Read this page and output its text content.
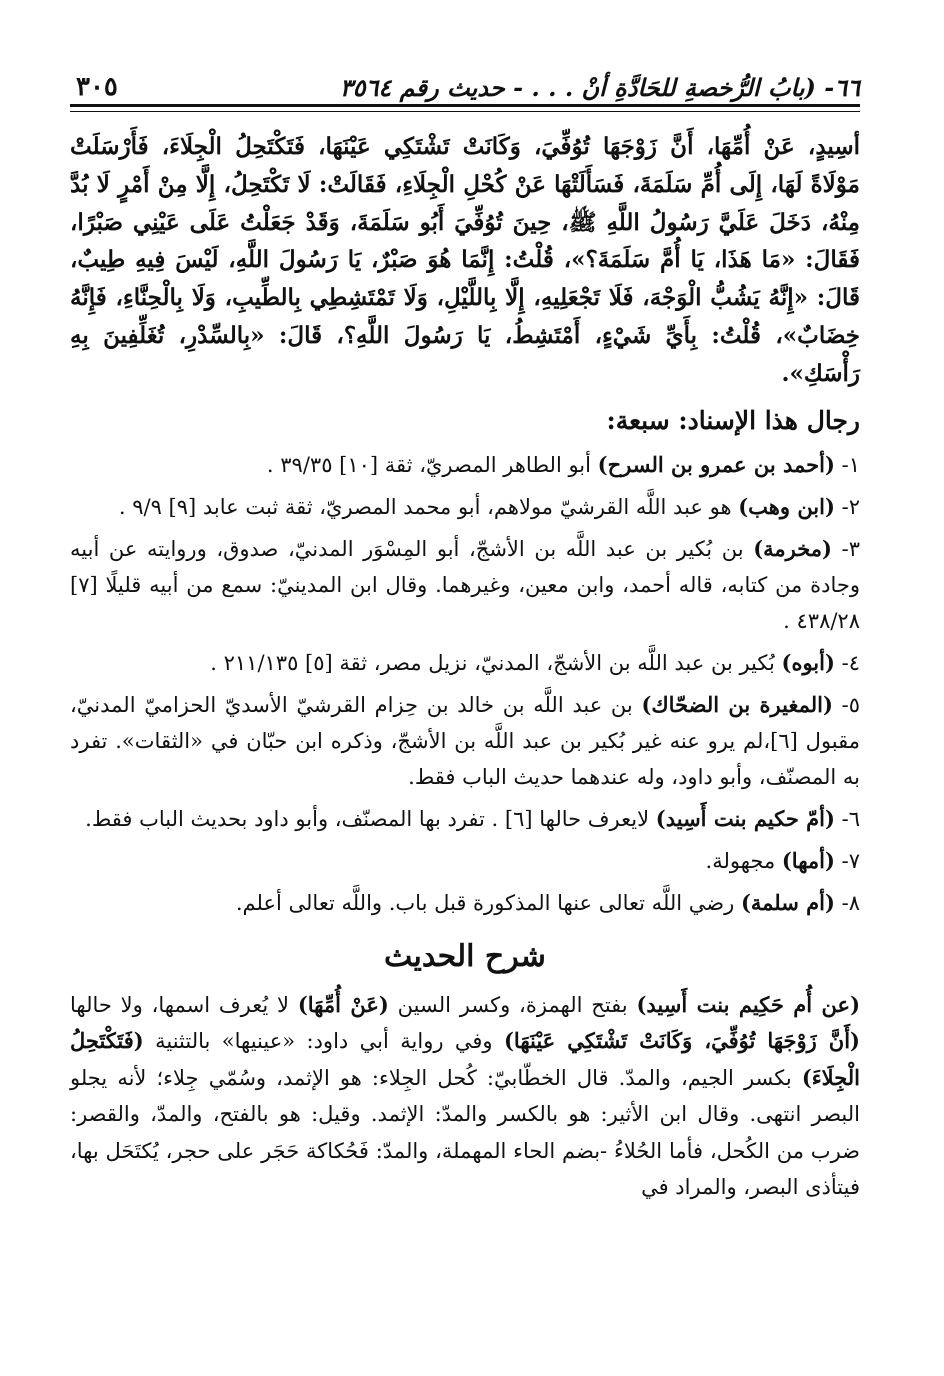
٦٦- (بابُ الرُّخصةِ للحَادَّةِ أنْ . . . - حديث رقم ٣٥٦٤
٣٠٥
أسِيدٍ، عَنْ أُمِّهَا، أَنَّ زَوْجَهَا تُوُفِّيَ، وَكَانَتْ تَشْتَكِي عَيْنَهَا، فَتَكْتَحِلُ الْجِلَاءَ، فَأَرْسَلَتْ مَوْلَاةً لَهَا، إِلَى أُمِّ سَلَمَةَ، فَسَأَلَتْهَا عَنْ كُحْلِ الْجِلَاءِ، فَقَالَتْ: لَا تَكْتَحِلُ، إِلَّا مِنْ أَمْرٍ لَا بُدَّ مِنْهُ، دَخَلَ عَلَيَّ رَسُولُ اللَّهِ ﷺ، حِينَ تُوُفِّيَ أَبُو سَلَمَةَ، وَقَدْ جَعَلْتُ عَلَى عَيْنِي صَبْرًا، فَقَالَ: «مَا هَذَا، يَا أُمَّ سَلَمَةَ؟»، قُلْتُ: إِنَّمَا هُوَ صَبْرٌ، يَا رَسُولَ اللَّهِ، لَيْسَ فِيهِ طِيبٌ، قَالَ: «إِنَّهُ يَشُبُّ الْوَجْهَ، فَلَا تَجْعَلِيهِ، إِلَّا بِاللَّيْلِ، وَلَا تَمْتَشِطِي بِالطِّيبِ، وَلَا بِالْحِنَّاءِ، فَإِنَّهُ خِضَابٌ»، قُلْتُ: بِأَيِّ شَيْءٍ، أَمْتَشِطُ، يَا رَسُولَ اللَّهِ؟، قَالَ: «بِالسِّدْرِ، تُغَلِّفِينَ بِهِ رَأْسَكِ».
رجال هذا الإسناد: سبعة:
١- (أحمد بن عمرو بن السرح) أبو الطاهر المصريّ، ثقة [١٠] ٣٩/٣٥ .
٢- (ابن وهب) هو عبد اللَّه القرشيّ مولاهم، أبو محمد المصريّ، ثقة ثبت عابد [٩] ٩/٩ .
٣- (مخرمة) بن بُكير بن عبد اللَّه بن الأشجّ، أبو المِسْوَر المدنيّ، صدوق، وروايته عن أبيه وجادة من كتابه، قاله أحمد، وابن معين، وغيرهما. وقال ابن المدينيّ: سمع من أبيه قليلًا [٧] ٤٣٨/٢٨ .
٤- (أبوه) بُكير بن عبد اللَّه بن الأشجّ، المدنيّ، نزيل مصر، ثقة [٥] ٢١١/١٣٥ .
٥- (المغيرة بن الضحّاك) بن عبد اللَّه بن خالد بن حِزام القرشيّ الأسديّ الحزاميّ المدنيّ، مقبول [٦]،لم يرو عنه غير بُكير بن عبد اللَّه بن الأشجّ، وذكره ابن حبّان في «الثقات». تفرد به المصنّف، وأبو داود، وله عندهما حديث الباب فقط.
٦- (أمّ حكيم بنت أَسِيد) لايعرف حالها [٦] . تفرد بها المصنّف، وأبو داود بحديث الباب فقط.
٧- (أمها) مجهولة.
٨- (أم سلمة) رضي اللَّه تعالى عنها المذكورة قبل باب. واللَّه تعالى أعلم.
شرح الحديث
(عن أُم حَكِيم بنت أَسِيد) بفتح الهمزة، وكسر السين (عَنْ أُمِّهَا) لا يُعرف اسمها، ولا حالها (أَنَّ زَوْجَهَا تُوُفِّيَ، وَكَانَتْ تَشْتَكِي عَيْنَهَا) وفي رواية أبي داود: «عينيها» بالتثنية (فَتَكْتَحِلُ الْجِلَاءَ) بكسر الجيم، والمدّ. قال الخطّابيّ: كُحل الجِلاء: هو الإثمد، وسُمّي جِلاء؛ لأنه يجلو البصر انتهى. وقال ابن الأثير: هو بالكسر والمدّ: الإثمد. وقيل: هو بالفتح، والمدّ، والقصر: ضرب من الكُحل، فأما الحُلاءُ -بضم الحاء المهملة، والمدّ: فَحُكاكة حَجَر على حجر، يُكتَحَل بها، فيتأذى البصر، والمراد في
